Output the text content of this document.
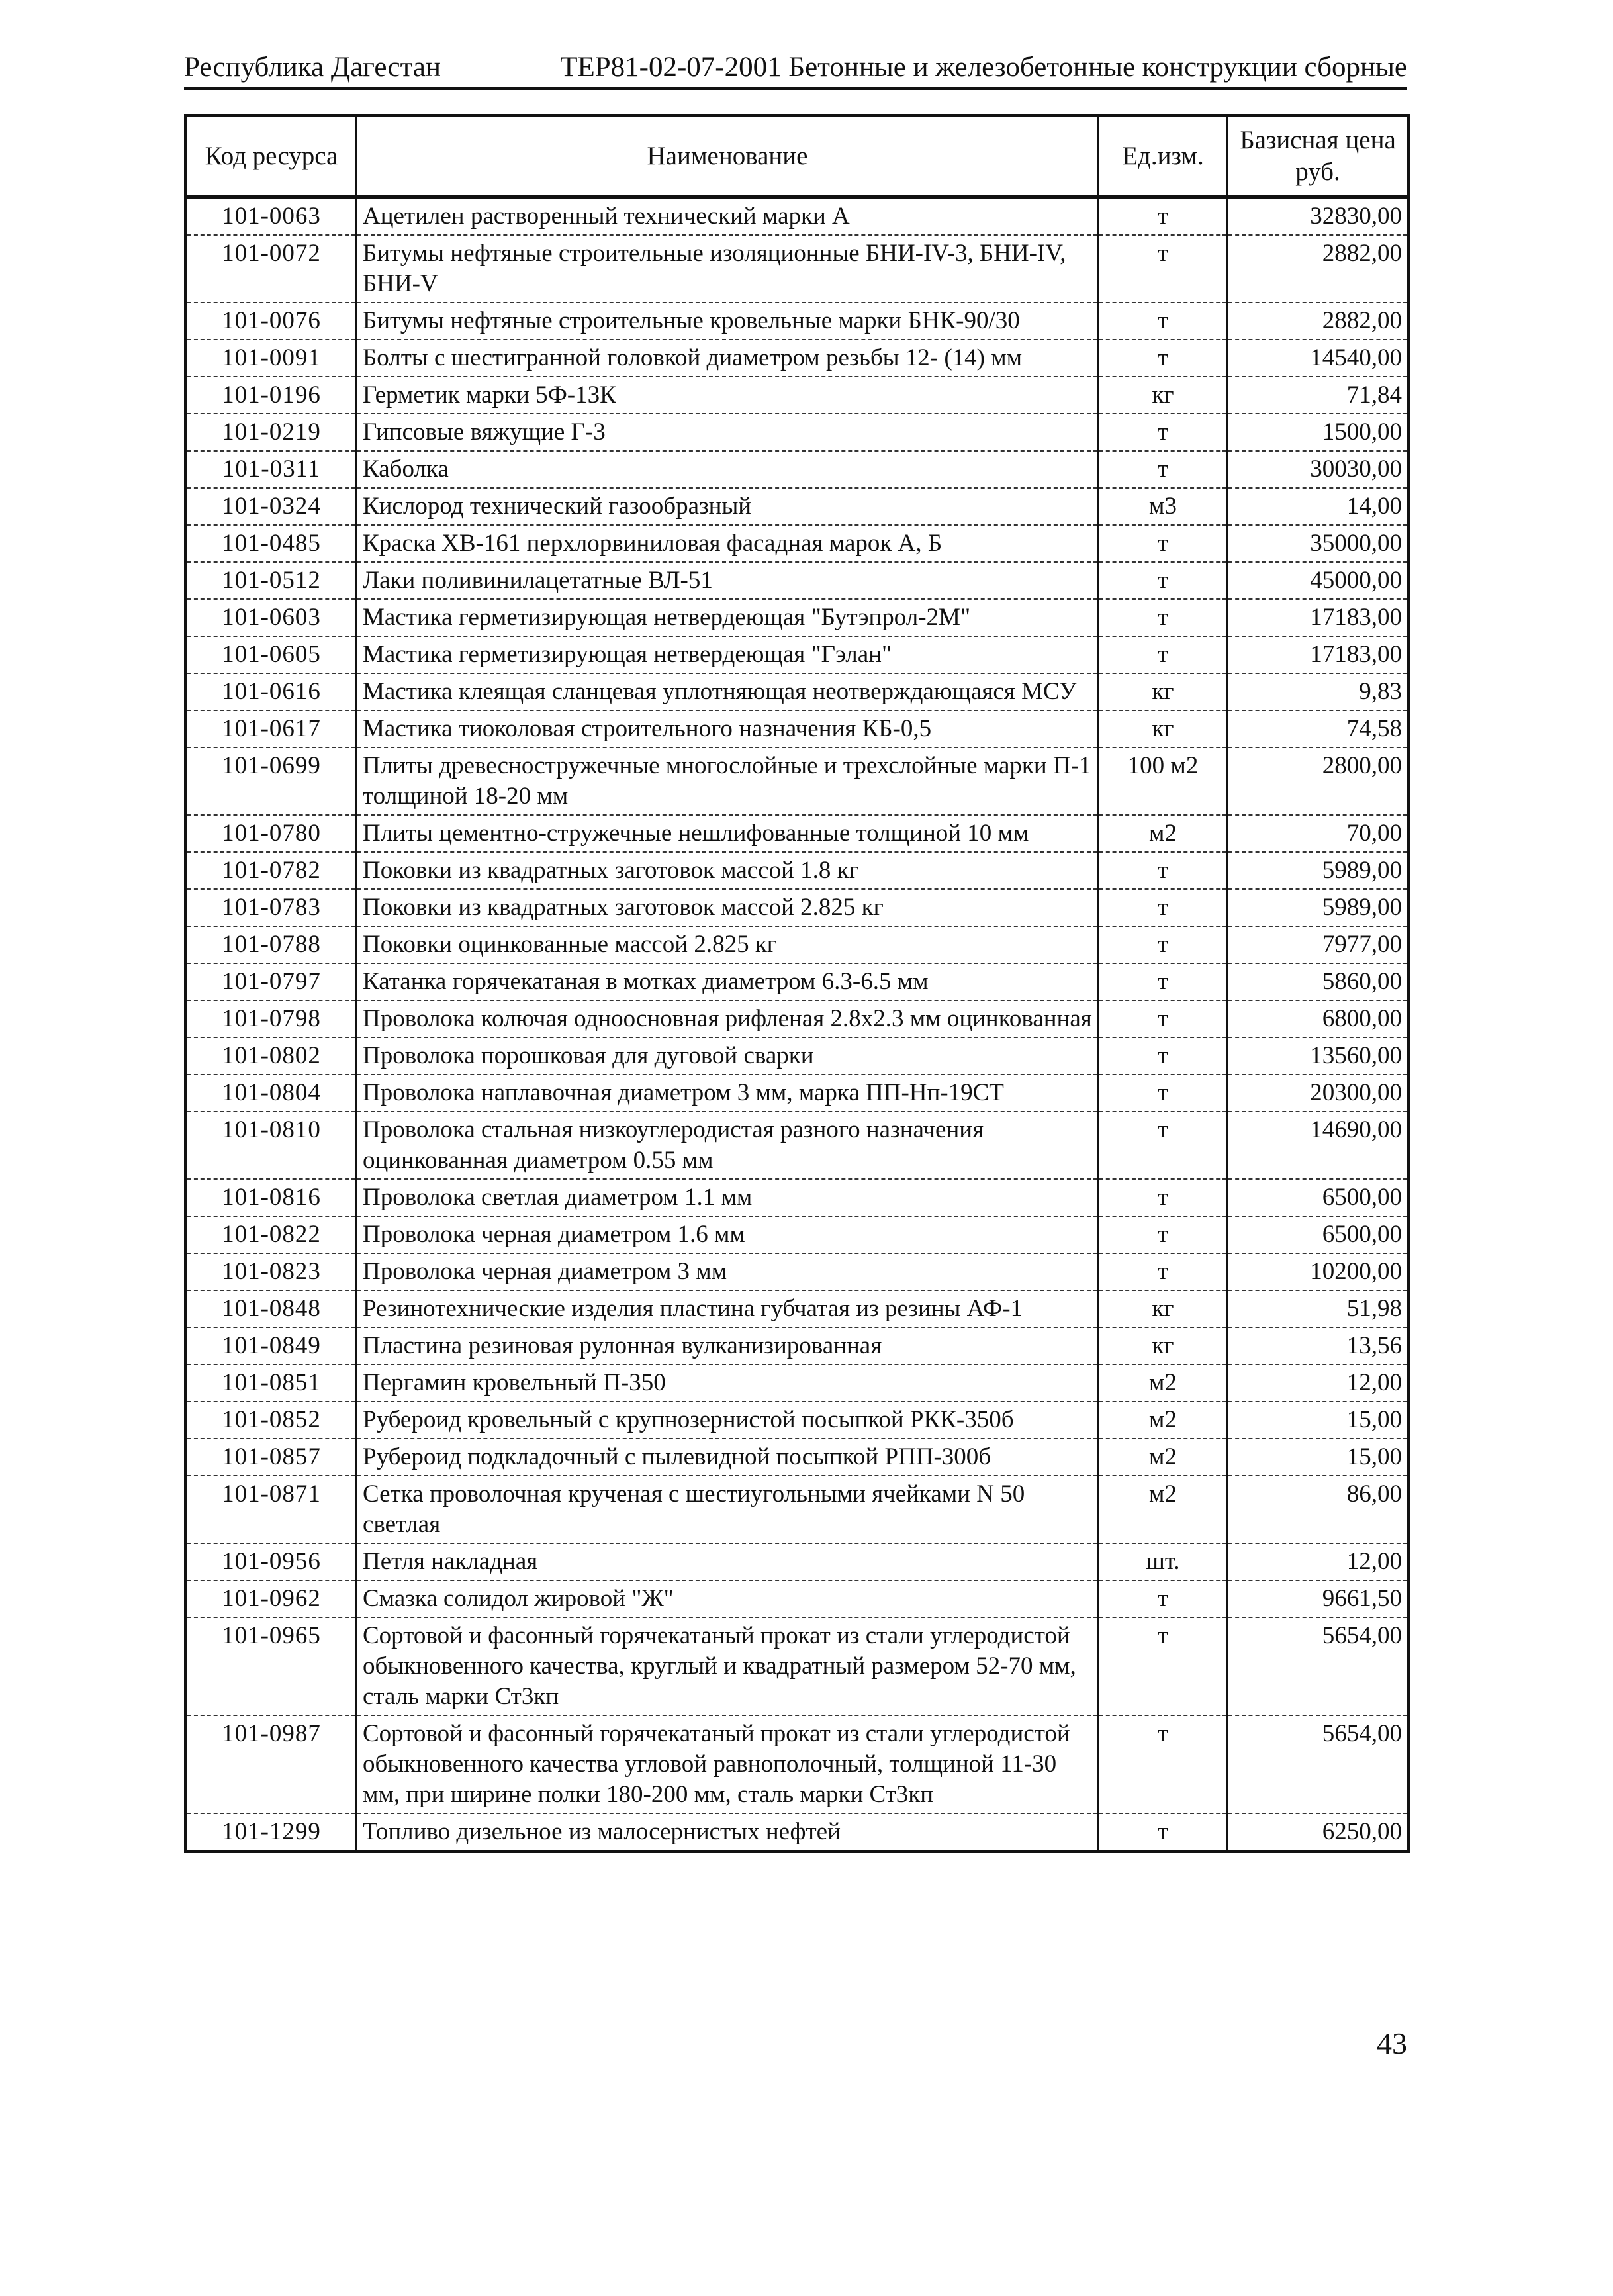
Республика Дагестан	ТЕР81-02-07-2001 Бетонные и железобетонные конструкции сборные
Код ресурса	Наименование	Ед.изм.	Базисная цена руб.
101-0063	Ацетилен растворенный технический марки А	т	32830,00
101-0072	Битумы нефтяные строительные изоляционные БНИ-IV-3, БНИ-IV, БНИ-V	т	2882,00
101-0076	Битумы нефтяные строительные кровельные марки БНК-90/30	т	2882,00
101-0091	Болты с шестигранной головкой диаметром резьбы 12- (14) мм	т	14540,00
101-0196	Герметик марки 5Ф-13К	кг	71,84
101-0219	Гипсовые вяжущие Г-3	т	1500,00
101-0311	Каболка	т	30030,00
101-0324	Кислород технический газообразный	м3	14,00
101-0485	Краска ХВ-161 перхлорвиниловая фасадная марок А, Б	т	35000,00
101-0512	Лаки поливинилацетатные ВЛ-51	т	45000,00
101-0603	Мастика герметизирующая нетвердеющая "Бутэпрол-2М"	т	17183,00
101-0605	Мастика герметизирующая нетвердеющая "Гэлан"	т	17183,00
101-0616	Мастика клеящая сланцевая уплотняющая неотверждающаяся МСУ	кг	9,83
101-0617	Мастика тиоколовая строительного назначения КБ-0,5	кг	74,58
101-0699	Плиты древесностружечные многослойные и трехслойные марки П-1 толщиной 18-20 мм	100 м2	2800,00
101-0780	Плиты цементно-стружечные нешлифованные толщиной 10 мм	м2	70,00
101-0782	Поковки из квадратных заготовок массой 1.8 кг	т	5989,00
101-0783	Поковки из квадратных заготовок массой 2.825 кг	т	5989,00
101-0788	Поковки оцинкованные массой 2.825 кг	т	7977,00
101-0797	Катанка горячекатаная в мотках диаметром 6.3-6.5 мм	т	5860,00
101-0798	Проволока колючая одноосновная рифленая 2.8х2.3 мм оцинкованная	т	6800,00
101-0802	Проволока порошковая для дуговой сварки	т	13560,00
101-0804	Проволока наплавочная диаметром 3 мм, марка ПП-Нп-19СТ	т	20300,00
101-0810	Проволока стальная низкоуглеродистая разного назначения оцинкованная диаметром 0.55 мм	т	14690,00
101-0816	Проволока светлая диаметром 1.1 мм	т	6500,00
101-0822	Проволока черная диаметром 1.6 мм	т	6500,00
101-0823	Проволока черная диаметром 3 мм	т	10200,00
101-0848	Резинотехнические изделия пластина губчатая из резины АФ-1	кг	51,98
101-0849	Пластина резиновая рулонная вулканизированная	кг	13,56
101-0851	Пергамин кровельный П-350	м2	12,00
101-0852	Рубероид кровельный с крупнозернистой посыпкой РКК-350б	м2	15,00
101-0857	Рубероид подкладочный с пылевидной посыпкой РПП-300б	м2	15,00
101-0871	Сетка проволочная крученая с шестиугольными ячейками N 50 светлая	м2	86,00
101-0956	Петля накладная	шт.	12,00
101-0962	Смазка солидол жировой "Ж"	т	9661,50
101-0965	Сортовой и фасонный горячекатаный прокат из стали углеродистой обыкновенного качества, круглый и квадратный размером 52-70 мм, сталь марки Ст3кп	т	5654,00
101-0987	Сортовой и фасонный горячекатаный прокат из стали углеродистой обыкновенного качества угловой равнополочный, толщиной 11-30 мм, при ширине полки 180-200 мм, сталь марки Ст3кп	т	5654,00
101-1299	Топливо дизельное из малосернистых нефтей	т	6250,00
43
